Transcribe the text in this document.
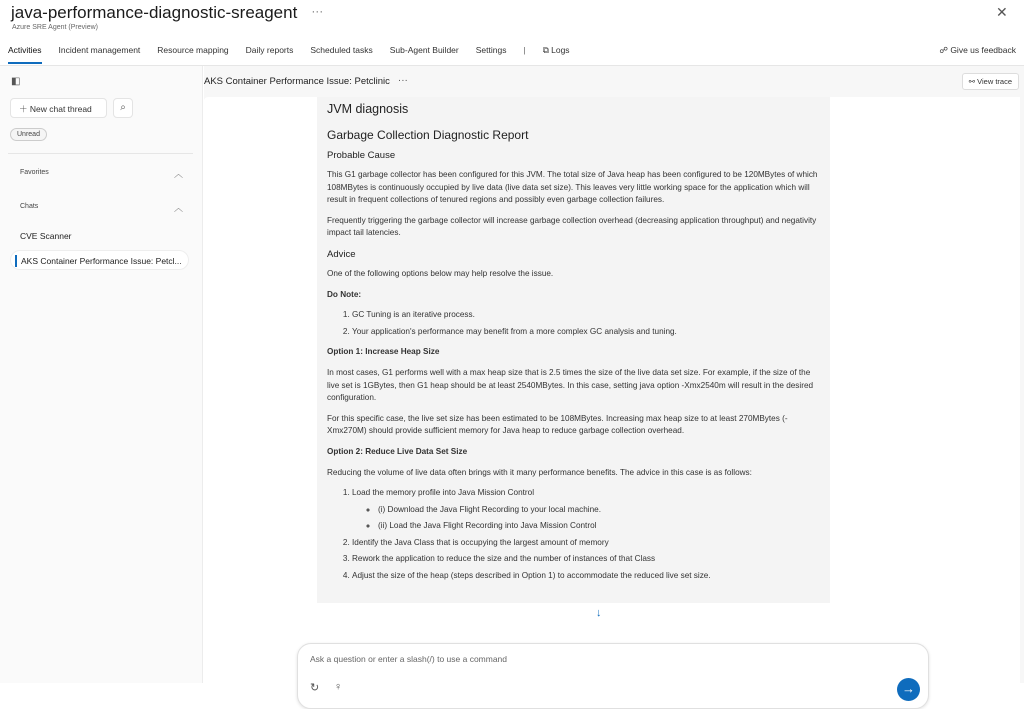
java-performance-diagnostic-sreagent ···
Azure SRE Agent (Preview)
✕
Activities Incident management Resource mapping Daily reports Scheduled tasks Sub-Agent Builder Settings | ⧉ Logs	☍ Give us feedback
◧
＋ New chat thread	⌕
Unread
Favorites	︿
Chats	︿
CVE Scanner
AKS Container Performance Issue: Petcl...
AKS Container Performance Issue: Petclinic ···	⚯ View trace
JVM diagnosis
Garbage Collection Diagnostic Report
Probable Cause

This G1 garbage collector has been configured for this JVM. The total size of Java heap has been configured to be 120MBytes of which 108MBytes is continuously occupied by live data (live data set size). This leaves very little working space for the application which will result in frequent collections of tenured regions and possibly even garbage collection failures.

Frequently triggering the garbage collector will increase garbage collection overhead (decreasing application throughput) and negativity impact tail latencies.

Advice

One of the following options below may help resolve the issue.

Do Note:
1. GC Tuning is an iterative process.
2. Your application's performance may benefit from a more complex GC analysis and tuning.
Option 1: Increase Heap Size

In most cases, G1 performs well with a max heap size that is 2.5 times the size of the live data set size. For example, if the size of the live set is 1GBytes, then G1 heap should be at least 2540MBytes. In this case, setting java option -Xmx2540m will result in the desired configuration.

For this specific case, the live set size has been estimated to be 108MBytes. Increasing max heap size to at least 270MBytes (-Xmx270M) should provide sufficient memory for Java heap to reduce garbage collection overhead.

Option 2: Reduce Live Data Set Size

Reducing the volume of live data often brings with it many performance benefits. The advice in this case is as follows:

1. Load the memory profile into Java Mission Control
◦ (i) Download the Java Flight Recording to your local machine.
◦ (ii) Load the Java Flight Recording into Java Mission Control
2. Identify the Java Class that is occupying the largest amount of memory
3. Rework the application to reduce the size and the number of instances of that Class
4. Adjust the size of the heap (steps described in Option 1) to accommodate the reduced live set size.
↓
Ask a question or enter a slash(/) to use a command
↻ ♀	→
